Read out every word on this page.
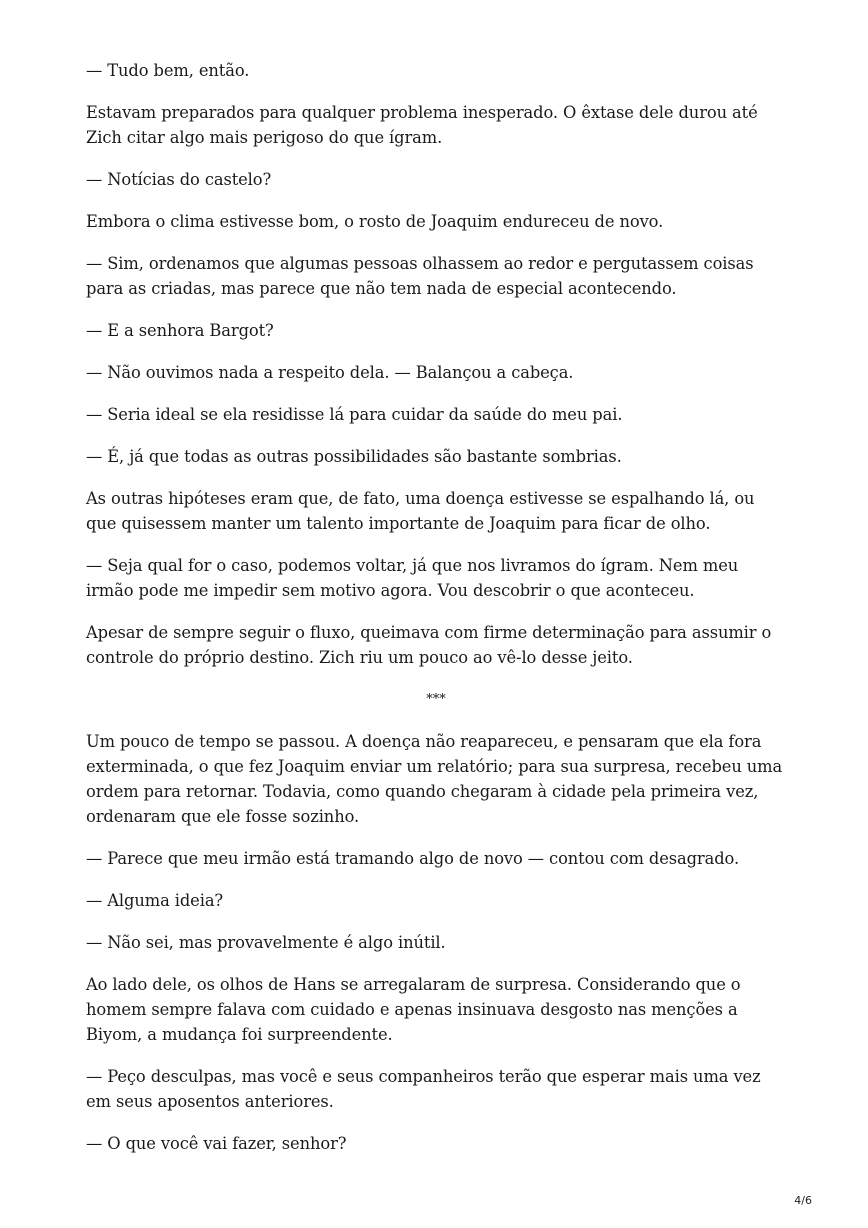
— Tudo bem, então.

Estavam preparados para qualquer problema inesperado. O êxtase dele durou até Zich citar algo mais perigoso do que ígram.

— Notícias do castelo?

Embora o clima estivesse bom, o rosto de Joaquim endureceu de novo.

— Sim, ordenamos que algumas pessoas olhassem ao redor e pergutassem coisas para as criadas, mas parece que não tem nada de especial acontecendo.

— E a senhora Bargot?

— Não ouvimos nada a respeito dela. — Balançou a cabeça.

— Seria ideal se ela residisse lá para cuidar da saúde do meu pai.

— É, já que todas as outras possibilidades são bastante sombrias.

As outras hipóteses eram que, de fato, uma doença estivesse se espalhando lá, ou que quisessem manter um talento importante de Joaquim para ficar de olho.

— Seja qual for o caso, podemos voltar, já que nos livramos do ígram. Nem meu irmão pode me impedir sem motivo agora. Vou descobrir o que aconteceu.

Apesar de sempre seguir o fluxo, queimava com firme determinação para assumir o controle do próprio destino. Zich riu um pouco ao vê-lo desse jeito.

***

Um pouco de tempo se passou. A doença não reapareceu, e pensaram que ela fora exterminada, o que fez Joaquim enviar um relatório; para sua surpresa, recebeu uma ordem para retornar. Todavia, como quando chegaram à cidade pela primeira vez, ordenaram que ele fosse sozinho.

— Parece que meu irmão está tramando algo de novo — contou com desagrado.

— Alguma ideia?

— Não sei, mas provavelmente é algo inútil.

Ao lado dele, os olhos de Hans se arregalaram de surpresa. Considerando que o homem sempre falava com cuidado e apenas insinuava desgosto nas menções a Biyom, a mudança foi surpreendente.

— Peço desculpas, mas você e seus companheiros terão que esperar mais uma vez em seus aposentos anteriores.

— O que você vai fazer, senhor?

4/6
